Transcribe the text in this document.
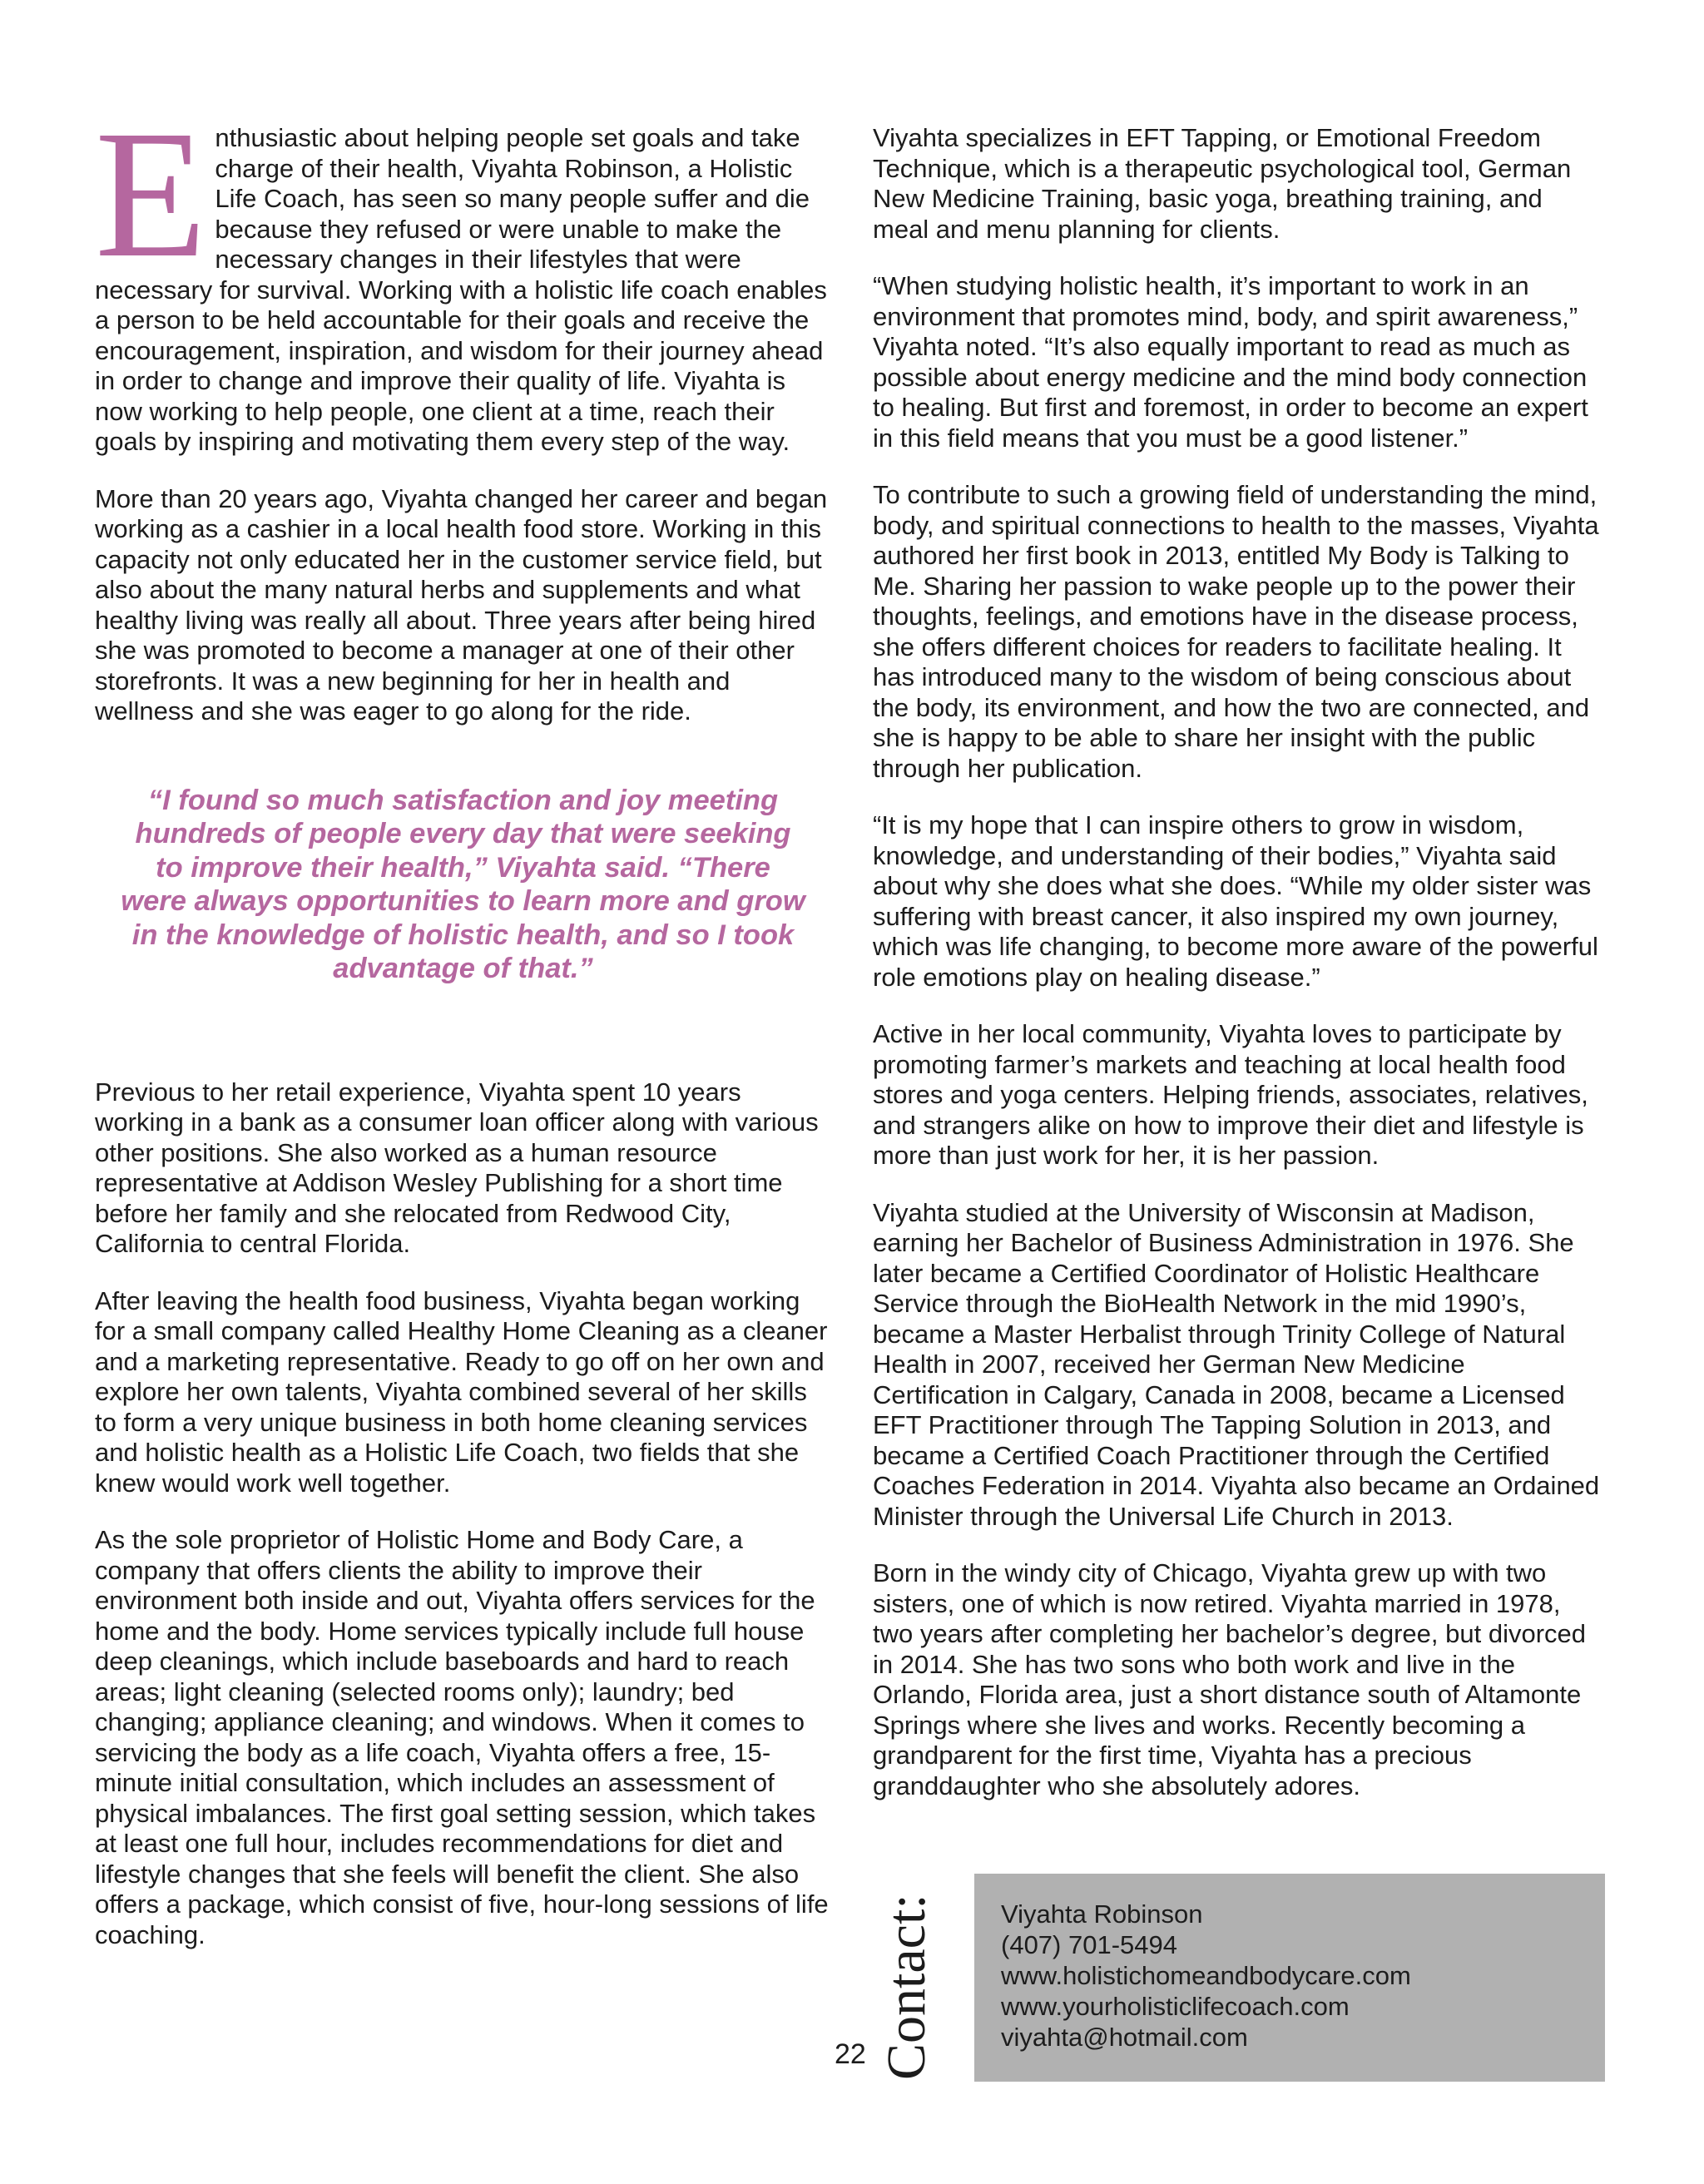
Enthusiastic about helping people set goals and take charge of their health, Viyahta Robinson, a Holistic Life Coach, has seen so many people suffer and die because they refused or were unable to make the necessary changes in their lifestyles that were necessary for survival. Working with a holistic life coach enables a person to be held accountable for their goals and receive the encouragement, inspiration, and wisdom for their journey ahead in order to change and improve their quality of life. Viyahta is now working to help people, one client at a time, reach their goals by inspiring and motivating them every step of the way.

More than 20 years ago, Viyahta changed her career and began working as a cashier in a local health food store. Working in this capacity not only educated her in the customer service field, but also about the many natural herbs and supplements and what healthy living was really all about. Three years after being hired she was promoted to become a manager at one of their other storefronts. It was a new beginning for her in health and wellness and she was eager to go along for the ride.

“I found so much satisfaction and joy meeting hundreds of people every day that were seeking to improve their health,” Viyahta said. “There were always opportunities to learn more and grow in the knowledge of holistic health, and so I took advantage of that.”

Previous to her retail experience, Viyahta spent 10 years working in a bank as a consumer loan officer along with various other positions. She also worked as a human resource representative at Addison Wesley Publishing for a short time before her family and she relocated from Redwood City, California to central Florida.

After leaving the health food business, Viyahta began working for a small company called Healthy Home Cleaning as a cleaner and a marketing representative. Ready to go off on her own and explore her own talents, Viyahta combined several of her skills to form a very unique business in both home cleaning services and holistic health as a Holistic Life Coach, two fields that she knew would work well together.

As the sole proprietor of Holistic Home and Body Care, a company that offers clients the ability to improve their environment both inside and out, Viyahta offers services for the home and the body. Home services typically include full house deep cleanings, which include baseboards and hard to reach areas; light cleaning (selected rooms only); laundry; bed changing; appliance cleaning; and windows. When it comes to servicing the body as a life coach, Viyahta offers a free, 15-minute initial consultation, which includes an assessment of physical imbalances. The first goal setting session, which takes at least one full hour, includes recommendations for diet and lifestyle changes that she feels will benefit the client. She also offers a package, which consist of five, hour-long sessions of life coaching.

Viyahta specializes in EFT Tapping, or Emotional Freedom Technique, which is a therapeutic psychological tool, German New Medicine Training, basic yoga, breathing training, and meal and menu planning for clients.

“When studying holistic health, it’s important to work in an environment that promotes mind, body, and spirit awareness,” Viyahta noted. “It’s also equally important to read as much as possible about energy medicine and the mind body connection to healing. But first and foremost, in order to become an expert in this field means that you must be a good listener.”

To contribute to such a growing field of understanding the mind, body, and spiritual connections to health to the masses, Viyahta authored her first book in 2013, entitled My Body is Talking to Me. Sharing her passion to wake people up to the power their thoughts, feelings, and emotions have in the disease process, she offers different choices for readers to facilitate healing. It has introduced many to the wisdom of being conscious about the body, its environment, and how the two are connected, and she is happy to be able to share her insight with the public through her publication.

“It is my hope that I can inspire others to grow in wisdom, knowledge, and understanding of their bodies,” Viyahta said about why she does what she does. “While my older sister was suffering with breast cancer, it also inspired my own journey, which was life changing, to become more aware of the powerful role emotions play on healing disease.”

Active in her local community, Viyahta loves to participate by promoting farmer’s markets and teaching at local health food stores and yoga centers. Helping friends, associates, relatives, and strangers alike on how to improve their diet and lifestyle is more than just work for her, it is her passion.

Viyahta studied at the University of Wisconsin at Madison, earning her Bachelor of Business Administration in 1976. She later became a Certified Coordinator of Holistic Healthcare Service through the BioHealth Network in the mid 1990’s, became a Master Herbalist through Trinity College of Natural Health in 2007, received her German New Medicine Certification in Calgary, Canada in 2008, became a Licensed EFT Practitioner through The Tapping Solution in 2013, and became a Certified Coach Practitioner through the Certified Coaches Federation in 2014. Viyahta also became an Ordained Minister through the Universal Life Church in 2013.

Born in the windy city of Chicago, Viyahta grew up with two sisters, one of which is now retired. Viyahta married in 1978, two years after completing her bachelor’s degree, but divorced in 2014. She has two sons who both work and live in the Orlando, Florida area, just a short distance south of Altamonte Springs where she lives and works. Recently becoming a grandparent for the first time, Viyahta has a precious granddaughter who she absolutely adores.

22 Contact: Viyahta Robinson
(407) 701-5494
www.holistichomeandbodycare.com
www.yourholisticlifecoach.com
viyahta@hotmail.com
